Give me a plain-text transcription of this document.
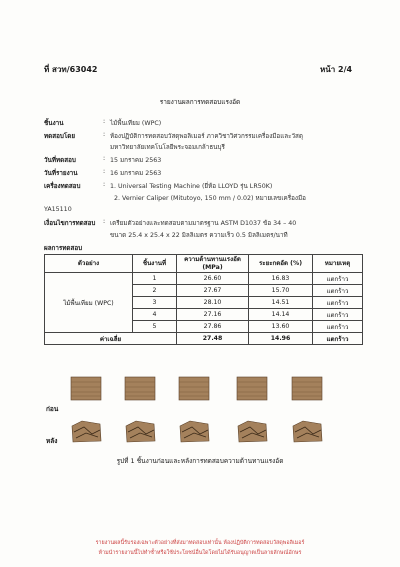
ที่ สวท/63042	หน้า 2/4
รายงานผลการทดสอบแรงอัด
ชิ้นงาน	: ไม้พื้นเทียม (WPC)
ทดสอบโดย	: ห้องปฏิบัติการทดสอบวัสดุพอลิเมอร์ ภาควิชาวิศวกรรมเครื่องมือและวัสดุ
มหาวิทยาลัยเทคโนโลยีพระจอมเกล้าธนบุรี
วันที่ทดสอบ	: 15 มกราคม 2563
วันที่รายงาน	: 16 มกราคม 2563
เครื่องทดสอบ	: 1. Universal Testing Machine (ยี่ห้อ LLOYD รุ่น LR50K)
2. Vernier Caliper (Mitutoyo, 150 mm / 0.02) หมายเลขเครื่องมือ
YA15110
เงื่อนไขการทดสอบ : เตรียมตัวอย่างและทดสอบตามมาตรฐาน ASTM D1037 ข้อ 34 – 40
ขนาด 25.4 x 25.4 x 22 มิลลิเมตร ความเร็ว 0.5 มิลลิเมตร/นาที
ผลการทดสอบ
ตัวอย่าง	ชิ้นงานที่	ความต้านทานแรงอัด
(MPa)	ระยะกดอัด (%)	หมายเหตุ
ไม้พื้นเทียม (WPC)	1	26.60	16.83	แตกร้าว
	2	27.67	15.70	แตกร้าว
	3	28.10	14.51	แตกร้าว
	4	27.16	14.14	แตกร้าว
	5	27.86	13.60	แตกร้าว
ค่าเฉลี่ย		27.48	14.96	แตกร้าว
ก่อน
หลัง
รูปที่ 1 ชิ้นงานก่อนและหลังการทดสอบความต้านทานแรงอัด
รายงานผลนี้รับรองเฉพาะตัวอย่างที่ส่งมาทดสอบเท่านั้น ห้องปฏิบัติการทดสอบวัสดุพอลิเมอร์
ห้ามนำรายงานนี้ไปทำซ้ำหรือใช้ประโยชน์อื่นใดโดยไม่ได้รับอนุญาตเป็นลายลักษณ์อักษร
